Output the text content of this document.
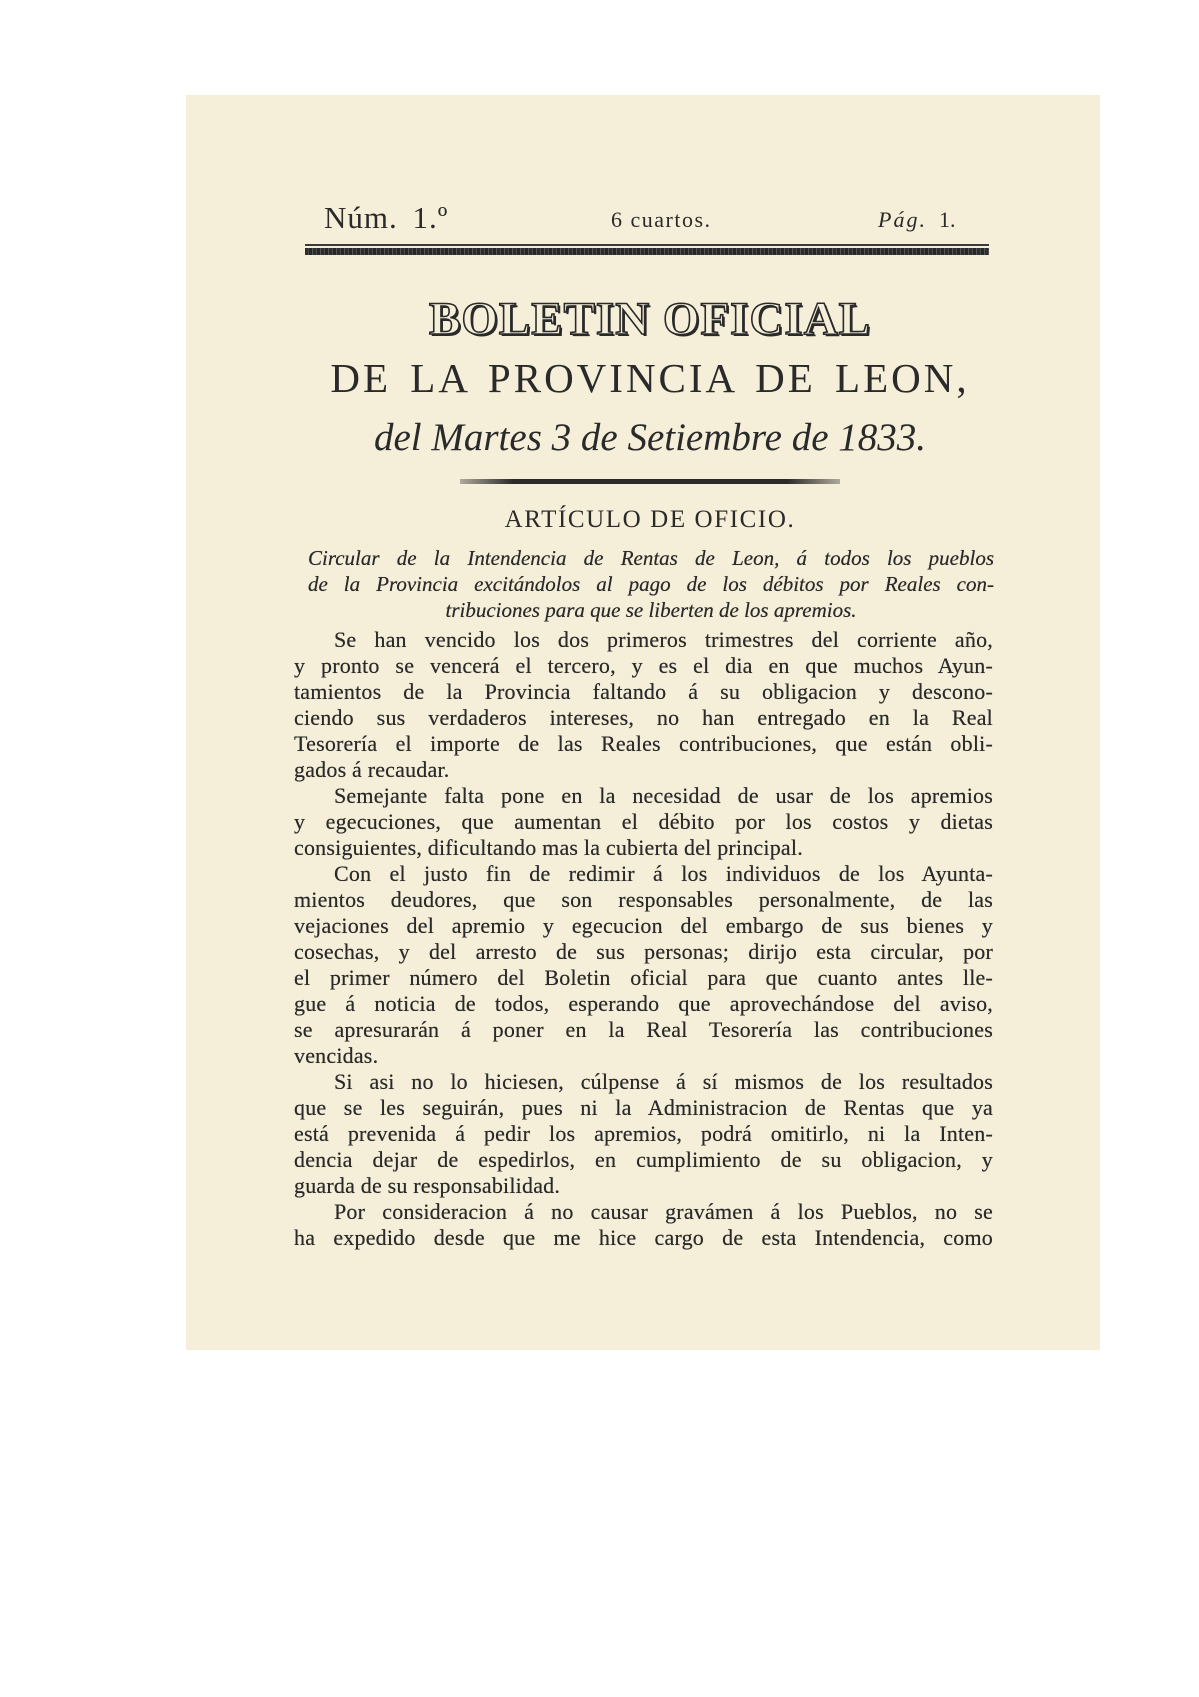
Núm. 1.º	6 cuartos.	Pág. 1.
BOLETIN OFICIAL
DE LA PROVINCIA DE LEON,
del Martes 3 de Setiembre de 1833.
ARTÍCULO DE OFICIO.
Circular de la Intendencia de Rentas de Leon, á todos los pueblos
de la Provincia excitándolos al pago de los débitos por Reales con-
tribuciones para que se liberten de los apremios.
Se han vencido los dos primeros trimestres del corriente año,
y pronto se vencerá el tercero, y es el dia en que muchos Ayun-
tamientos de la Provincia faltando á su obligacion y descono-
ciendo sus verdaderos intereses, no han entregado en la Real
Tesorería el importe de las Reales contribuciones, que están obli-
gados á recaudar.
Semejante falta pone en la necesidad de usar de los apremios
y egecuciones, que aumentan el débito por los costos y dietas
consiguientes, dificultando mas la cubierta del principal.
Con el justo fin de redimir á los individuos de los Ayunta-
mientos deudores, que son responsables personalmente, de las
vejaciones del apremio y egecucion del embargo de sus bienes y
cosechas, y del arresto de sus personas; dirijo esta circular, por
el primer número del Boletin oficial para que cuanto antes lle-
gue á noticia de todos, esperando que aprovechándose del aviso,
se apresurarán á poner en la Real Tesorería las contribuciones
vencidas.
Si asi no lo hiciesen, cúlpense á sí mismos de los resultados
que se les seguirán, pues ni la Administracion de Rentas que ya
está prevenida á pedir los apremios, podrá omitirlo, ni la Inten-
dencia dejar de espedirlos, en cumplimiento de su obligacion, y
guarda de su responsabilidad.
Por consideracion á no causar gravámen á los Pueblos, no se
ha expedido desde que me hice cargo de esta Intendencia, como
